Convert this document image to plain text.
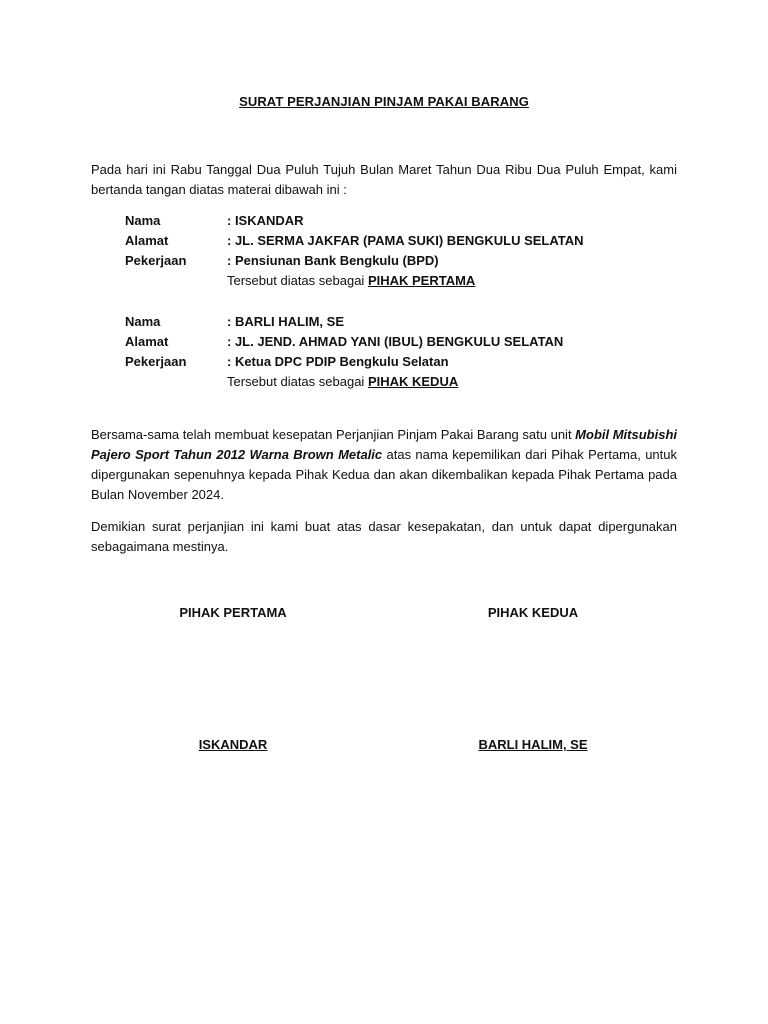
SURAT PERJANJIAN PINJAM PAKAI BARANG
Pada hari ini Rabu Tanggal Dua Puluh Tujuh Bulan Maret Tahun Dua Ribu Dua Puluh Empat, kami bertanda tangan diatas materai dibawah ini :
Nama	: ISKANDAR
Alamat	: JL. SERMA JAKFAR (PAMA SUKI) BENGKULU SELATAN
Pekerjaan	: Pensiunan Bank Bengkulu (BPD)
Tersebut diatas sebagai PIHAK PERTAMA
Nama	: BARLI HALIM, SE
Alamat	: JL. JEND. AHMAD YANI (IBUL) BENGKULU SELATAN
Pekerjaan	: Ketua DPC PDIP Bengkulu Selatan
Tersebut diatas sebagai PIHAK KEDUA
Bersama-sama telah membuat kesepatan Perjanjian Pinjam Pakai Barang satu unit Mobil Mitsubishi Pajero Sport Tahun 2012 Warna Brown Metalic atas nama kepemilikan dari Pihak Pertama, untuk dipergunakan sepenuhnya kepada Pihak Kedua dan akan dikembalikan kepada Pihak Pertama pada Bulan November 2024.
Demikian surat perjanjian ini kami buat atas dasar kesepakatan, dan untuk dapat dipergunakan sebagaimana mestinya.
PIHAK PERTAMA	PIHAK KEDUA
ISKANDAR	BARLI HALIM, SE
